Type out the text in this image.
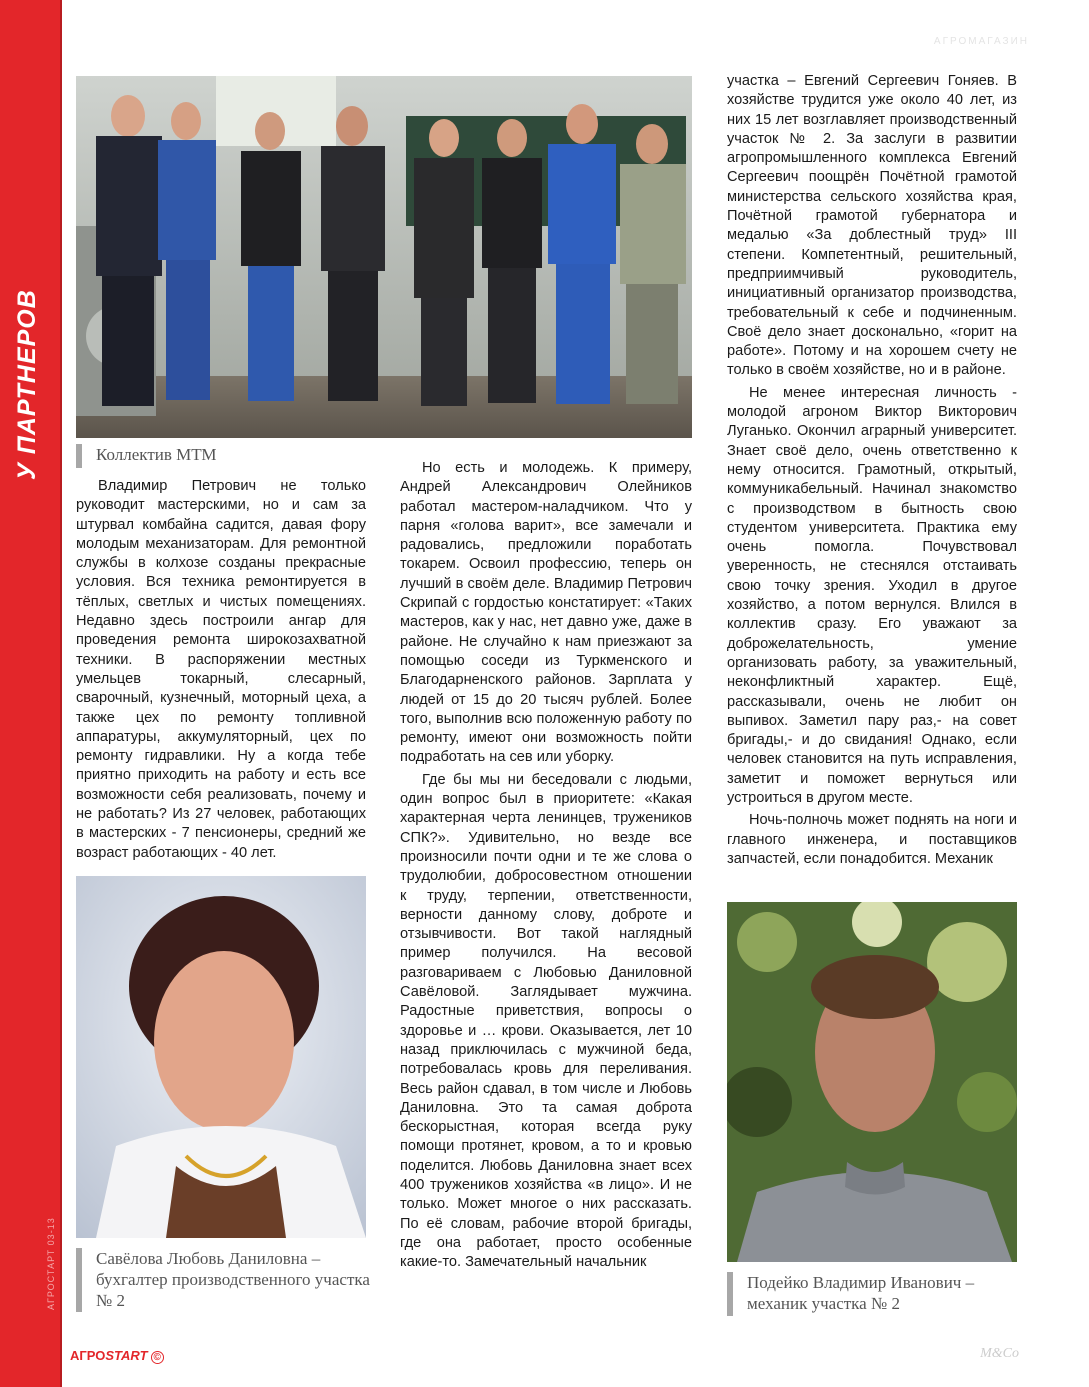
У ПАРТНЕРОВ
АГРОСТАРТ 03-13
АГРОМАГАЗИН
Коллектив МТМ
Савёлова Любовь Даниловна – бухгалтер производственного участка № 2
Подейко Владимир Иванович – механик участка № 2

Владимир Петрович не только руководит мастерскими, но и сам за штурвал комбайна садится, давая фору молодым механизаторам. Для ремонтной службы в колхозе созданы прекрасные условия. Вся техника ремонтируется в тёплых, светлых и чистых помещениях. Недавно здесь построили ангар для проведения ремонта широкозахватной техники. В распоряжении местных умельцев токарный, слесарный, сварочный, кузнечный, моторный цеха, а также цех по ремонту топливной аппаратуры, аккумуляторный, цех по ремонту гидравлики. Ну а когда тебе приятно приходить на работу и есть все возможности себя реализовать, почему и не работать? Из 27 человек, работающих в мастерских - 7 пенсионеры, средний же возраст работающих - 40 лет.

Но есть и молодежь. К примеру, Андрей Александрович Олейников работал мастером-наладчиком. Что у парня «голова варит», все замечали и радовались, предложили поработать токарем. Освоил профессию, теперь он лучший в своём деле. Владимир Петрович Скрипай с гордостью констатирует: «Таких мастеров, как у нас, нет давно уже, даже в районе. Не случайно к нам приезжают за помощью соседи из Туркменского и Благодарненского районов. Зарплата у людей от 15 до 20 тысяч рублей. Более того, выполнив всю положенную работу по ремонту, имеют они возможность пойти подработать на сев или уборку.

Где бы мы ни беседовали с людьми, один вопрос был в приоритете: «Какая характерная черта ленинцев, тружеников СПК?». Удивительно, но везде все произносили почти одни и те же слова о трудолюбии, добросовестном отношении к труду, терпении, ответственности, верности данному слову, доброте и отзывчивости. Вот такой наглядный пример получился. На весовой разговариваем с Любовью Даниловной Савёловой. Заглядывает мужчина. Радостные приветствия, вопросы о здоровье и … крови. Оказывается, лет 10 назад приключилась с мужчиной беда, потребовалась кровь для переливания. Весь район сдавал, в том числе и Любовь Даниловна. Это та самая доброта бескорыстная, которая всегда руку помощи протянет, кровом, а то и кровью поделится. Любовь Даниловна знает всех 400 тружеников хозяйства «в лицо». И не только. Может многое о них рассказать. По её словам, рабочие второй бригады, где она работает, просто особенные какие-то. Замечательный начальник

участка – Евгений Сергеевич Гоняев. В хозяйстве трудится уже около 40 лет, из них 15 лет возглавляет производственный участок № 2. За заслуги в развитии агропромышленного комплекса Евгений Сергеевич поощрён Почётной грамотой министерства сельского хозяйства края, Почётной грамотой губернатора и медалью «За доблестный труд» III степени. Компетентный, решительный, предприимчивый руководитель, инициативный организатор производства, требовательный к себе и подчиненным. Своё дело знает досконально, «горит на работе». Потому и на хорошем счету не только в своём хозяйстве, но и в районе.

Не менее интересная личность - молодой агроном Виктор Викторович Луганько. Окончил аграрный университет. Знает своё дело, очень ответственно к нему относится. Грамотный, открытый, коммуникабельный. Начинал знакомство с производством в бытность свою студентом университета. Практика ему очень помогла. Почувствовал уверенность, не стеснялся отстаивать свою точку зрения. Уходил в другое хозяйство, а потом вернулся. Влился в коллектив сразу. Его уважают за доброжелательность, умение организовать работу, за уважительный, неконфликтный характер. Ещё, рассказывали, очень не любит он выпивох. Заметил пару раз,- на совет бригады,- и до свидания! Однако, если человек становится на путь исправления, заметит и поможет вернуться или устроиться в другом месте.

Ночь-полночь может поднять на ноги и главного инженера, и поставщиков запчастей, если понадобится. Механик

АГРОSTART ©	M&Co
